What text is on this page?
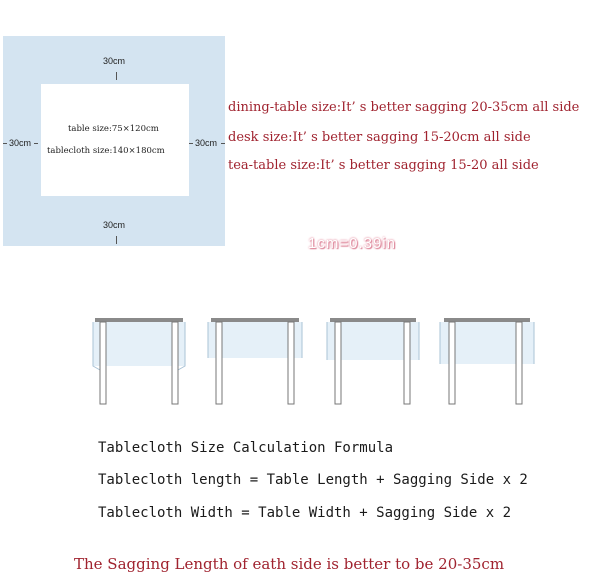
30cm
30cm
30cm	30cm
table size:75×120cm
tablecloth size:140×180cm
dining-table size:It’ s better sagging 20-35cm all side
desk size:It’ s better sagging 15-20cm all side
tea-table size:It’ s better sagging 15-20 all side
1cm=0.39in
Tablecloth Size Calculation Formula
Tablecloth length = Table Length + Sagging Side x 2
Tablecloth Width = Table Width + Sagging Side x 2
The Sagging Length of eath side is better to be 20-35cm
